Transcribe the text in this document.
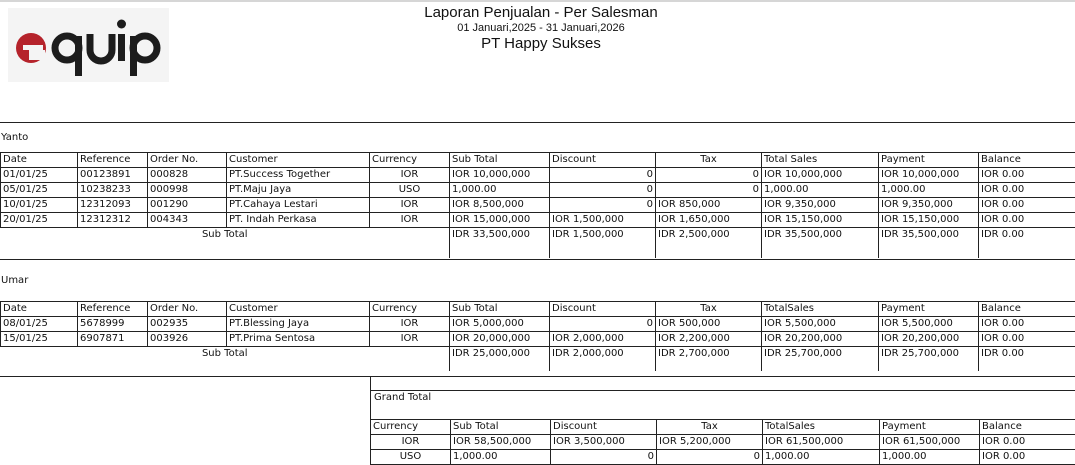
Laporan Penjualan - Per Salesman
01 Januari,2025 - 31 Januari,2026
PT Happy Sukses
Yanto
Date	Reference	Order No.	Customer	Currency	Sub Total	Discount	Tax	Total Sales	Payment	Balance
01/01/25	00123891	000828	PT.Success Together	IOR	IOR 10,000,000	0	0	IOR 10,000,000	IOR 10,000,000	IOR 0.00
05/01/25	10238233	000998	PT.Maju Jaya	USO	1,000.00	0	0	1,000.00	1,000.00	IOR 0.00
10/01/25	12312093	001290	PT.Cahaya Lestari	IOR	IOR 8,500,000	0	IOR 850,000	IOR 9,350,000	IOR 9,350,000	IOR 0.00
20/01/25	12312312	004343	PT. Indah Perkasa	IOR	IOR 15,000,000	IOR 1,500,000	IOR 1,650,000	IOR 15,150,000	IOR 15,150,000	IOR 0.00
Sub Total					IDR 33,500,000	IDR 1,500,000	IDR 2,500,000	IDR 35,500,000	IDR 35,500,000	IDR 0.00
Umar
Date	Reference	Order No.	Customer	Currency	Sub Total	Discount	Tax	TotalSales	Payment	Balance
08/01/25	5678999	002935	PT.Blessing Jaya	IOR	IOR 5,000,000	0	IOR 500,000	IOR 5,500,000	IOR 5,500,000	IOR 0.00
15/01/25	6907871	003926	PT.Prima Sentosa	IOR	IOR 20,000,000	IOR 2,000,000	IOR 2,200,000	IOR 20,200,000	IOR 20,200,000	IOR 0.00
Sub Total					IDR 25,000,000	IDR 2,000,000	IDR 2,700,000	IDR 25,700,000	IDR 25,700,000	IDR 0.00
Grand Total
Currency	Sub Total	Discount	Tax	TotalSales	Payment	Balance
IOR	IOR 58,500,000	IOR 3,500,000	IOR 5,200,000	IOR 61,500,000	IOR 61,500,000	IOR 0.00
USO	1,000.00	0	0	1,000.00	1,000.00	IOR 0.00
